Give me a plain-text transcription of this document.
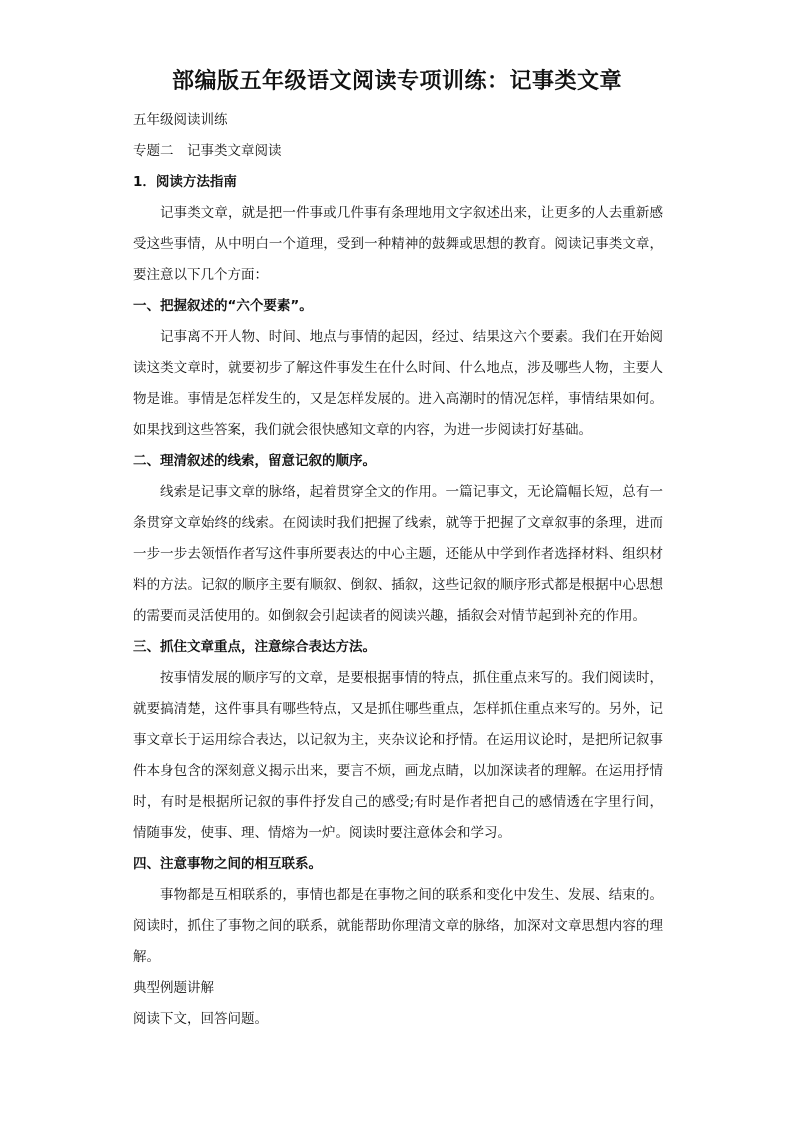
部编版五年级语文阅读专项训练：记事类文章

五年级阅读训练

专题二　记事类文章阅读

1．阅读方法指南

记事类文章，就是把一件事或几件事有条理地用文字叙述出来，让更多的人去重新感受这些事情，从中明白一个道理，受到一种精神的鼓舞或思想的教育。阅读记事类文章，要注意以下几个方面：

一、把握叙述的“六个要素”。

记事离不开人物、时间、地点与事情的起因，经过、结果这六个要素。我们在开始阅读这类文章时，就要初步了解这件事发生在什么时间、什么地点，涉及哪些人物，主要人物是谁。事情是怎样发生的，又是怎样发展的。进入高潮时的情况怎样，事情结果如何。如果找到这些答案，我们就会很快感知文章的内容，为进一步阅读打好基础。

二、理清叙述的线索，留意记叙的顺序。

线索是记事文章的脉络，起着贯穿全文的作用。一篇记事文，无论篇幅长短，总有一条贯穿文章始终的线索。在阅读时我们把握了线索，就等于把握了文章叙事的条理，进而一步一步去领悟作者写这件事所要表达的中心主题，还能从中学到作者选择材料、组织材料的方法。记叙的顺序主要有顺叙、倒叙、插叙，这些记叙的顺序形式都是根据中心思想的需要而灵活使用的。如倒叙会引起读者的阅读兴趣，插叙会对情节起到补充的作用。

三、抓住文章重点，注意综合表达方法。

按事情发展的顺序写的文章，是要根据事情的特点，抓住重点来写的。我们阅读时，就要搞清楚，这件事具有哪些特点，又是抓住哪些重点，怎样抓住重点来写的。另外，记事文章长于运用综合表达，以记叙为主，夹杂议论和抒情。在运用议论时，是把所记叙事件本身包含的深刻意义揭示出来，要言不烦，画龙点睛，以加深读者的理解。在运用抒情时，有时是根据所记叙的事件抒发自己的感受;有时是作者把自己的感情透在字里行间，情随事发，使事、理、情熔为一炉。阅读时要注意体会和学习。

四、注意事物之间的相互联系。

事物都是互相联系的，事情也都是在事物之间的联系和变化中发生、发展、结束的。阅读时，抓住了事物之间的联系，就能帮助你理清文章的脉络，加深对文章思想内容的理解。

典型例题讲解

阅读下文，回答问题。
